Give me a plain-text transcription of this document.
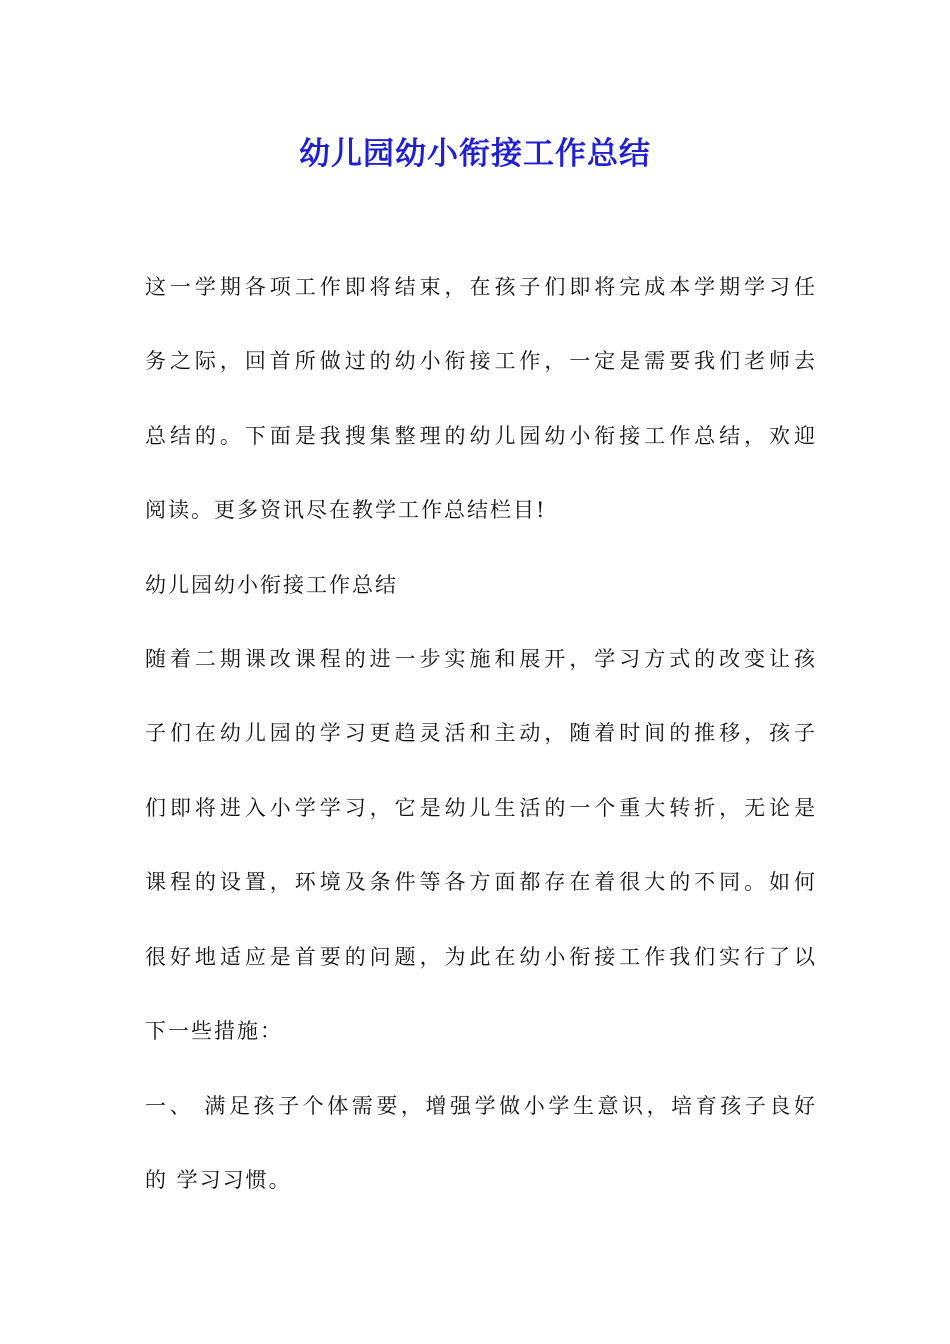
幼儿园幼小衔接工作总结
这一学期各项工作即将结束，在孩子们即将完成本学期学习任
务之际，回首所做过的幼小衔接工作，一定是需要我们老师去
总结的。下面是我搜集整理的幼儿园幼小衔接工作总结，欢迎
阅读。更多资讯尽在教学工作总结栏目!
幼儿园幼小衔接工作总结
随着二期课改课程的进一步实施和展开，学习方式的改变让孩
子们在幼儿园的学习更趋灵活和主动，随着时间的推移，孩子
们即将进入小学学习，它是幼儿生活的一个重大转折，无论是
课程的设置，环境及条件等各方面都存在着很大的不同。如何
很好地适应是首要的问题，为此在幼小衔接工作我们实行了以
下一些措施：
一、 满足孩子个体需要，增强学做小学生意识，培育孩子良好
的 学习习惯。
